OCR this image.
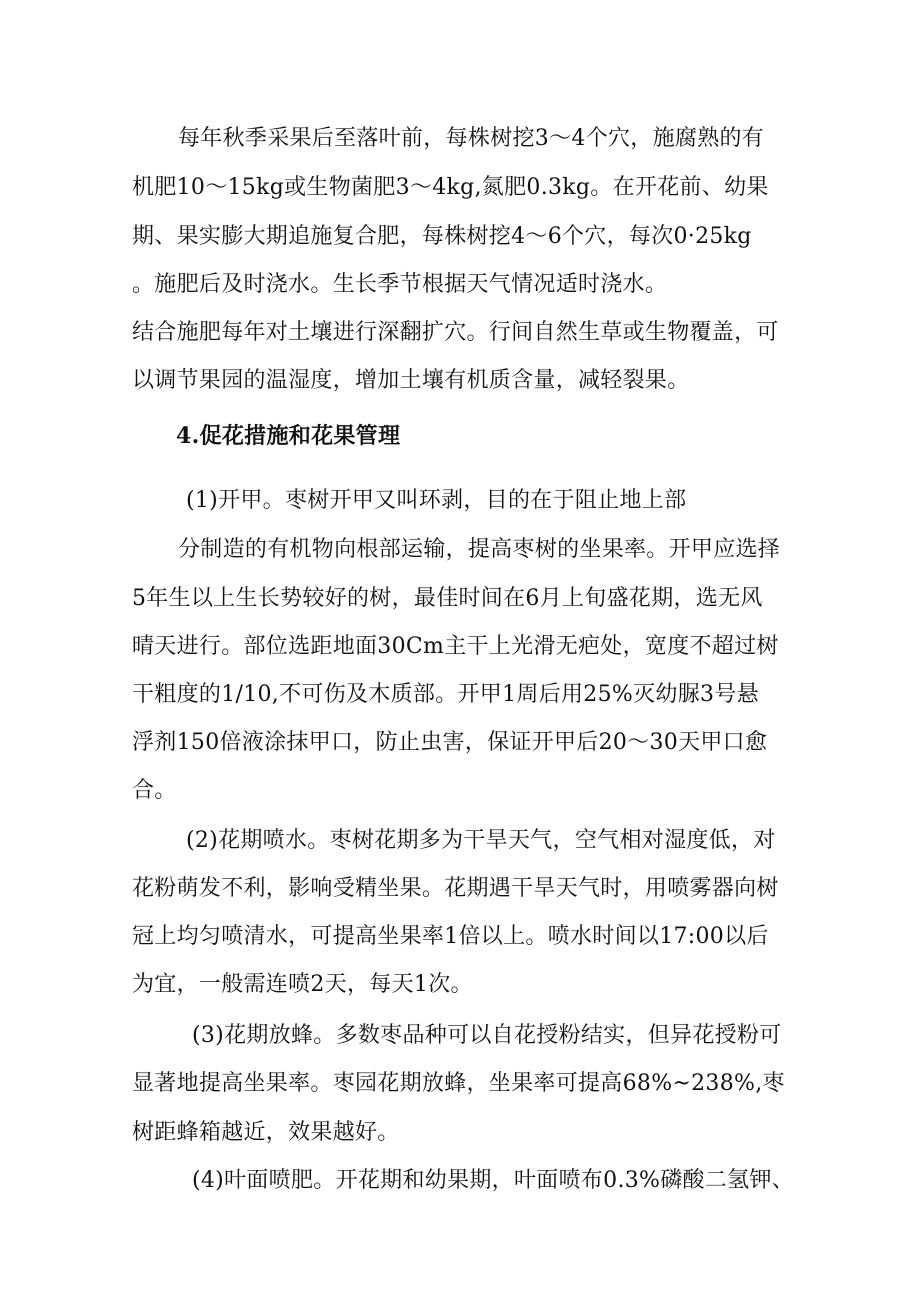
每年秋季采果后至落叶前，每株树挖3～4个穴，施腐熟的有
机肥10～15kg或生物菌肥3～4kg,氮肥0.3kg。在开花前、幼果
期、果实膨大期追施复合肥，每株树挖4～6个穴，每次0·25kg
。施肥后及时浇水。生长季节根据天气情况适时浇水。
结合施肥每年对土壤进行深翻扩穴。行间自然生草或生物覆盖，可
以调节果园的温湿度，增加土壤有机质含量，减轻裂果。
4.促花措施和花果管理
(1)开甲。枣树开甲又叫环剥，目的在于阻止地上部
分制造的有机物向根部运输，提高枣树的坐果率。开甲应选择
5年生以上生长势较好的树，最佳时间在6月上旬盛花期，选无风
晴天进行。部位选距地面30Cm主干上光滑无疤处，宽度不超过树
干粗度的1/10,不可伤及木质部。开甲1周后用25%灭幼脲3号悬
浮剂150倍液涂抹甲口，防止虫害，保证开甲后20～30天甲口愈
合。
(2)花期喷水。枣树花期多为干旱天气，空气相对湿度低，对
花粉萌发不利，影响受精坐果。花期遇干旱天气时，用喷雾器向树
冠上均匀喷清水，可提高坐果率1倍以上。喷水时间以17:00以后
为宜，一般需连喷2天，每天1次。
(3)花期放蜂。多数枣品种可以自花授粉结实，但异花授粉可
显著地提高坐果率。枣园花期放蜂，坐果率可提高68%~238%,枣
树距蜂箱越近，效果越好。
(4)叶面喷肥。开花期和幼果期，叶面喷布0.3%磷酸二氢钾、
